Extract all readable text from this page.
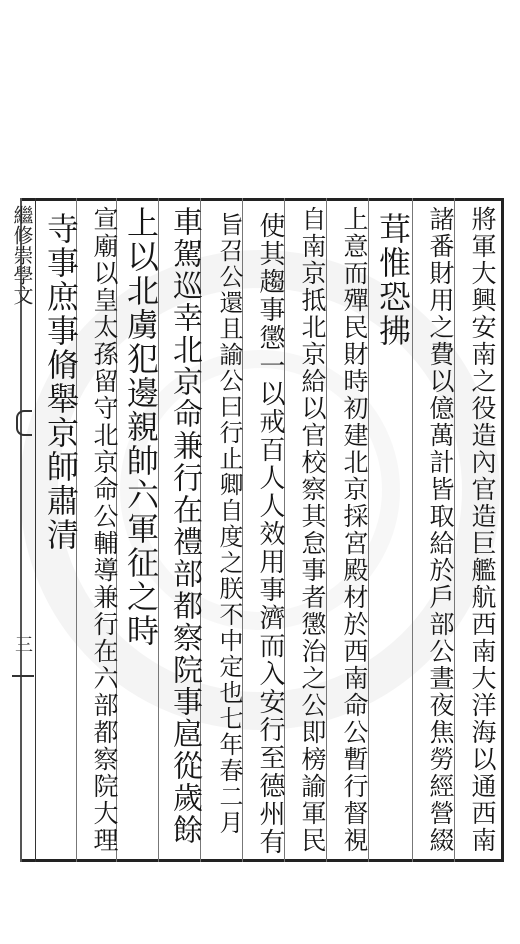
繼修崇學文
三	將軍大興安南之役造內官造巨艦航西南大洋海以通西南
諸番財用之費以億萬計皆取給於戶部公晝夜焦勞經營綴
茸惟恐拂
上意而殫民財時初建北京採宮殿材於西南命公暫行督視
自南京抵北京給以官校察其怠事者懲治之公即榜諭軍民
使其趨事懲一以戒百人人效用事濟而入安行至德州有
旨召公還且諭公曰行止卿自度之朕不中定也七年春二月
車駕巡幸北京命兼行在禮部都察院事扈從歲餘
上以北虜犯邊親帥六軍征之時
宣廟以皇太孫留守北京命公輔導兼行在六部都察院大理
寺事庶事脩舉京師肅清
